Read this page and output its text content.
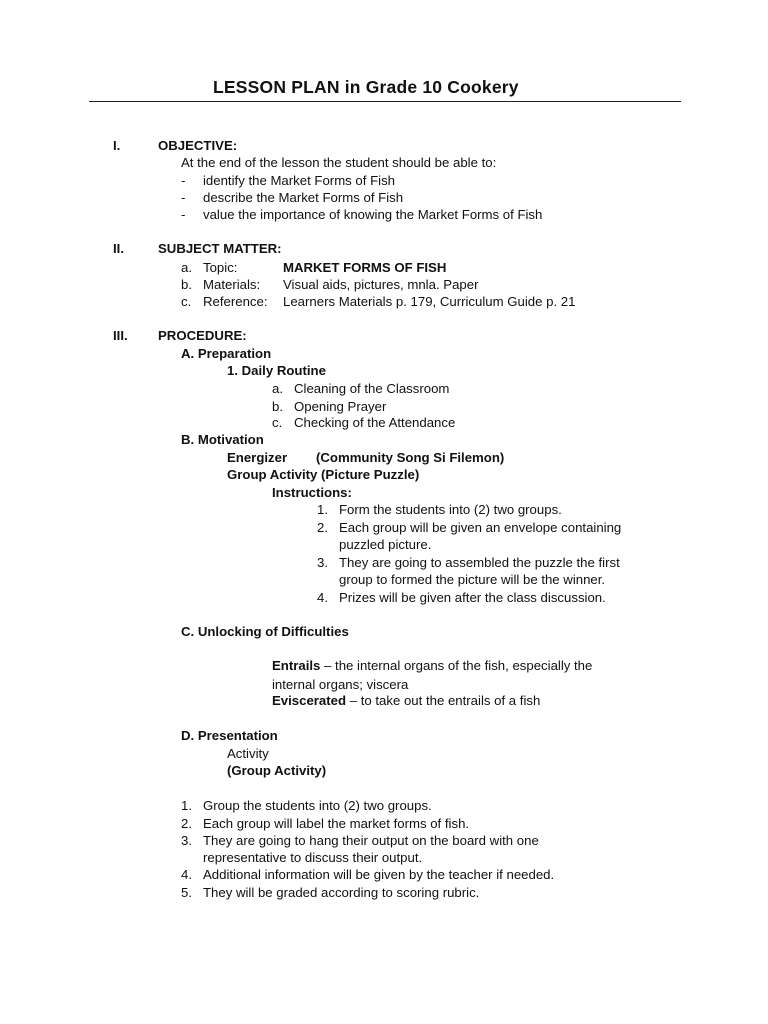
LESSON PLAN in Grade 10 Cookery
I.	OBJECTIVE:
At the end of the lesson the student should be able to:
- identify the Market Forms of Fish
- describe the Market Forms of Fish
- value the importance of knowing the Market Forms of Fish
II.	SUBJECT MATTER:
a. Topic:	MARKET FORMS OF FISH
b. Materials: Visual aids, pictures, mnla. Paper
c. Reference: Learners Materials p. 179, Curriculum Guide p. 21
III. PROCEDURE:
A. Preparation
1. Daily Routine
a. Cleaning of the Classroom
b. Opening Prayer
c. Checking of the Attendance
B. Motivation
Energizer (Community Song Si Filemon)
Group Activity (Picture Puzzle)
Instructions:
1. Form the students into (2) two groups.
2. Each group will be given an envelope containing
puzzled picture.
3. They are going to assembled the puzzle the first
group to formed the picture will be the winner.
4. Prizes will be given after the class discussion.
C. Unlocking of Difficulties
Entrails – the internal organs of the fish, especially the
internal organs; viscera
Eviscerated – to take out the entrails of a fish
D. Presentation
Activity
(Group Activity)
1. Group the students into (2) two groups.
2. Each group will label the market forms of fish.
3. They are going to hang their output on the board with one
representative to discuss their output.
4. Additional information will be given by the teacher if needed.
5. They will be graded according to scoring rubric.
